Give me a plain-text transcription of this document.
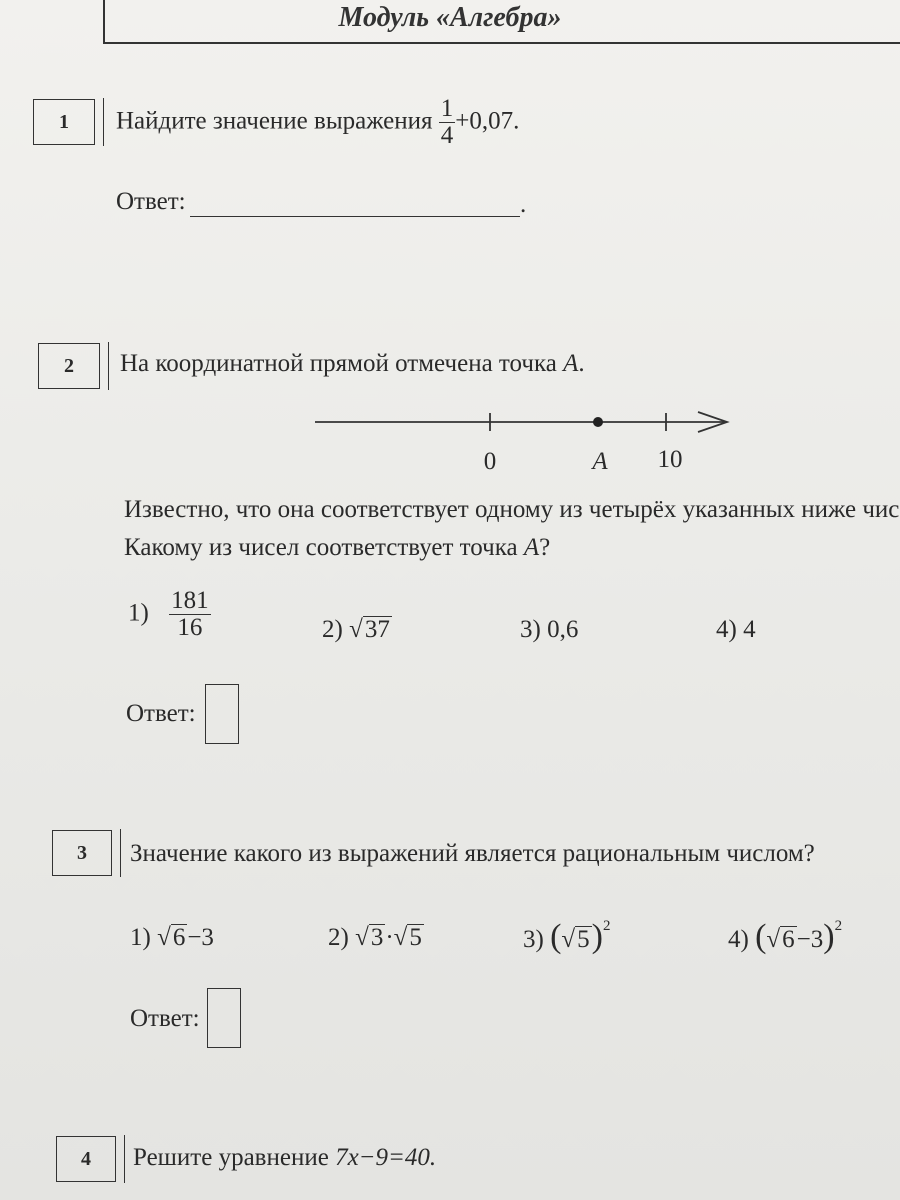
Модуль «Алгебра»
1	Найдите значение выражения $\frac{1}{4} +0,07$.
Ответ:	.
2	На координатной прямой отмечена точка A.
0	A 10
Известно, что она соответствует одному из четырёх указанных ниже чис
Какому из чисел соответствует точка A?
$1) \frac{181}{16}$	2) √37	3) 0,6	4) 4
Ответ:
3	Значение какого из выражений является рациональным числом?
1) √6−3	2) √3·√5	3) $(√5)^2$	4) $(√6-3)^2$
Ответ:
4	Решите уравнение 7x−9=40.
